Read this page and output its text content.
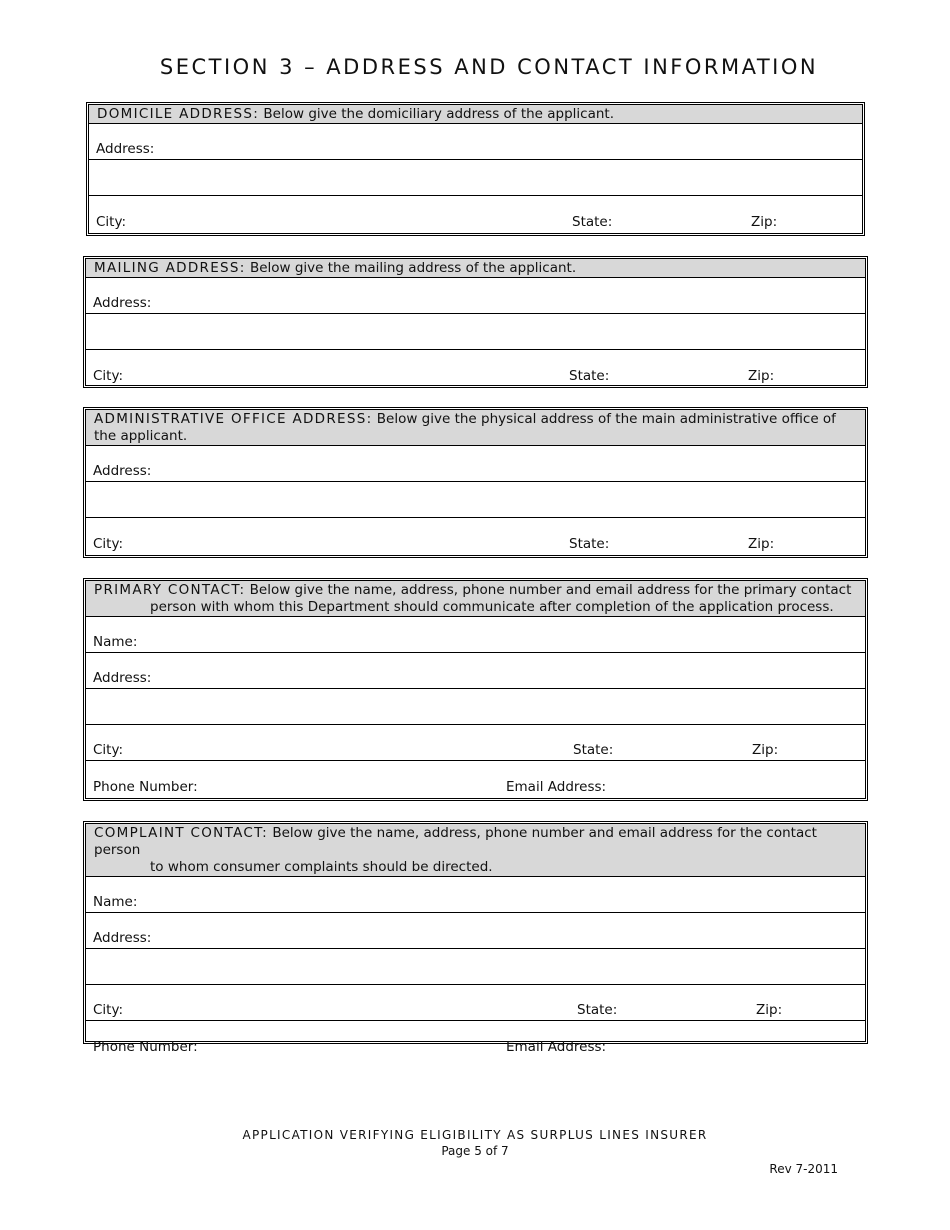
SECTION 3 – ADDRESS AND CONTACT INFORMATION
DOMICILE ADDRESS: Below give the domiciliary address of the applicant.
Address:
City:	State:	Zip:
MAILING ADDRESS: Below give the mailing address of the applicant.
Address:
City:	State:	Zip:
ADMINISTRATIVE OFFICE ADDRESS: Below give the physical address of the main administrative office of the applicant.
Address:
City:	State:	Zip:
PRIMARY CONTACT: Below give the name, address, phone number and email address for the primary contact
person with whom this Department should communicate after completion of the application process.
Name:
Address:
City:	State:	Zip:
Phone Number:	Email Address:
COMPLAINT CONTACT: Below give the name, address, phone number and email address for the contact person
to whom consumer complaints should be directed.
Name:
Address:
City:	State:	Zip:
Phone Number:	Email Address:
APPLICATION VERIFYING ELIGIBILITY AS SURPLUS LINES INSURER
Page 5 of 7
Rev 7-2011
